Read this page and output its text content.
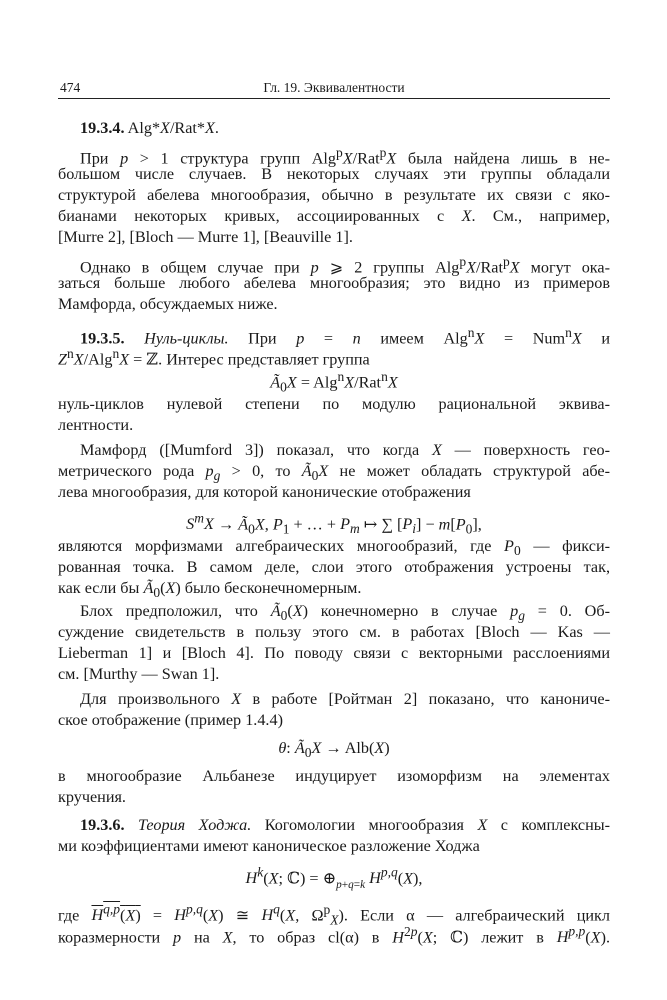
474	Гл. 19. Эквивалентности
19.3.4. Alg*X/Rat*X.
При p > 1 структура групп Alg$^p$X/Rat$^p$X была найдена лишь в не-
большом числе случаев. В некоторых случаях эти группы обладали
структурой абелева многообразия, обычно в результате их связи с яко-
бианами некоторых кривых, ассоциированных с X. См., например,
[Murre 2], [Bloch — Murre 1], [Beauville 1].
Однако в общем случае при p ⩾ 2 группы Alg$^p$X/Rat$^p$X могут ока-
заться больше любого абелева многообразия; это видно из примеров
Мамфорда, обсуждаемых ниже.
19.3.5. Нуль-циклы. При p = n имеем Alg$^n$X = Num$^n$X и
$Z^nX/Alg^nX$ = ℤ. Интерес представляет группа
$Ã_0X = Alg^nX/Rat^nX$
нуль-циклов нулевой степени по модулю рациональной эквива-
лентности.
Мамфорд ([Mumford 3]) показал, что когда X — поверхность гео-
метрического рода $p_g > 0$, то $Ã_0X$ не может обладать структурой абе-
лева многообразия, для которой канонические отображения
$S^mX$ → $Ã_0X$, $P_1$ + … + $P_m$ ↦ ∑ $[P_i] - m[P_0]$,
являются морфизмами алгебраических многообразий, где $P_0$ — фикси-
рованная точка. В самом деле, слои этого отображения устроены так,
как если бы $Ã_0(X)$ было бесконечномерным.
Блох предположил, что $Ã_0(X)$ конечномерно в случае $p_g = 0$. Об-
суждение свидетельств в пользу этого см. в работах [Bloch — Kas —
Lieberman 1] и [Bloch 4]. По поводу связи с векторными расслоениями
см. [Murthy — Swan 1].
Для произвольного X в работе [Ройтман 2] показано, что канониче-
ское отображение (пример 1.4.4)
θ: $Ã_0X \to Alb(X)$
в многообразие Альбанезе индуцирует изоморфизм на элементах
кручения.
19.3.6. Теория Ходжа. Когомологии многообразия X с комплексны-
ми коэффициентами имеют каноническое разложение Ходжа
$H^k(X$; ℂ) = $\oplus_{p+q=k}$ H$^{p,q}$(X),
где H$^{q,p}$(X) = H$^{p,q}$(X) ≅ $H^q(X$, $\Omega^p_X$). Если α — алгебраический цикл
коразмерности p на X, то образ cl(α) в $H^{2p}(X$; ℂ) лежит в H$^{p,p}$(X).
